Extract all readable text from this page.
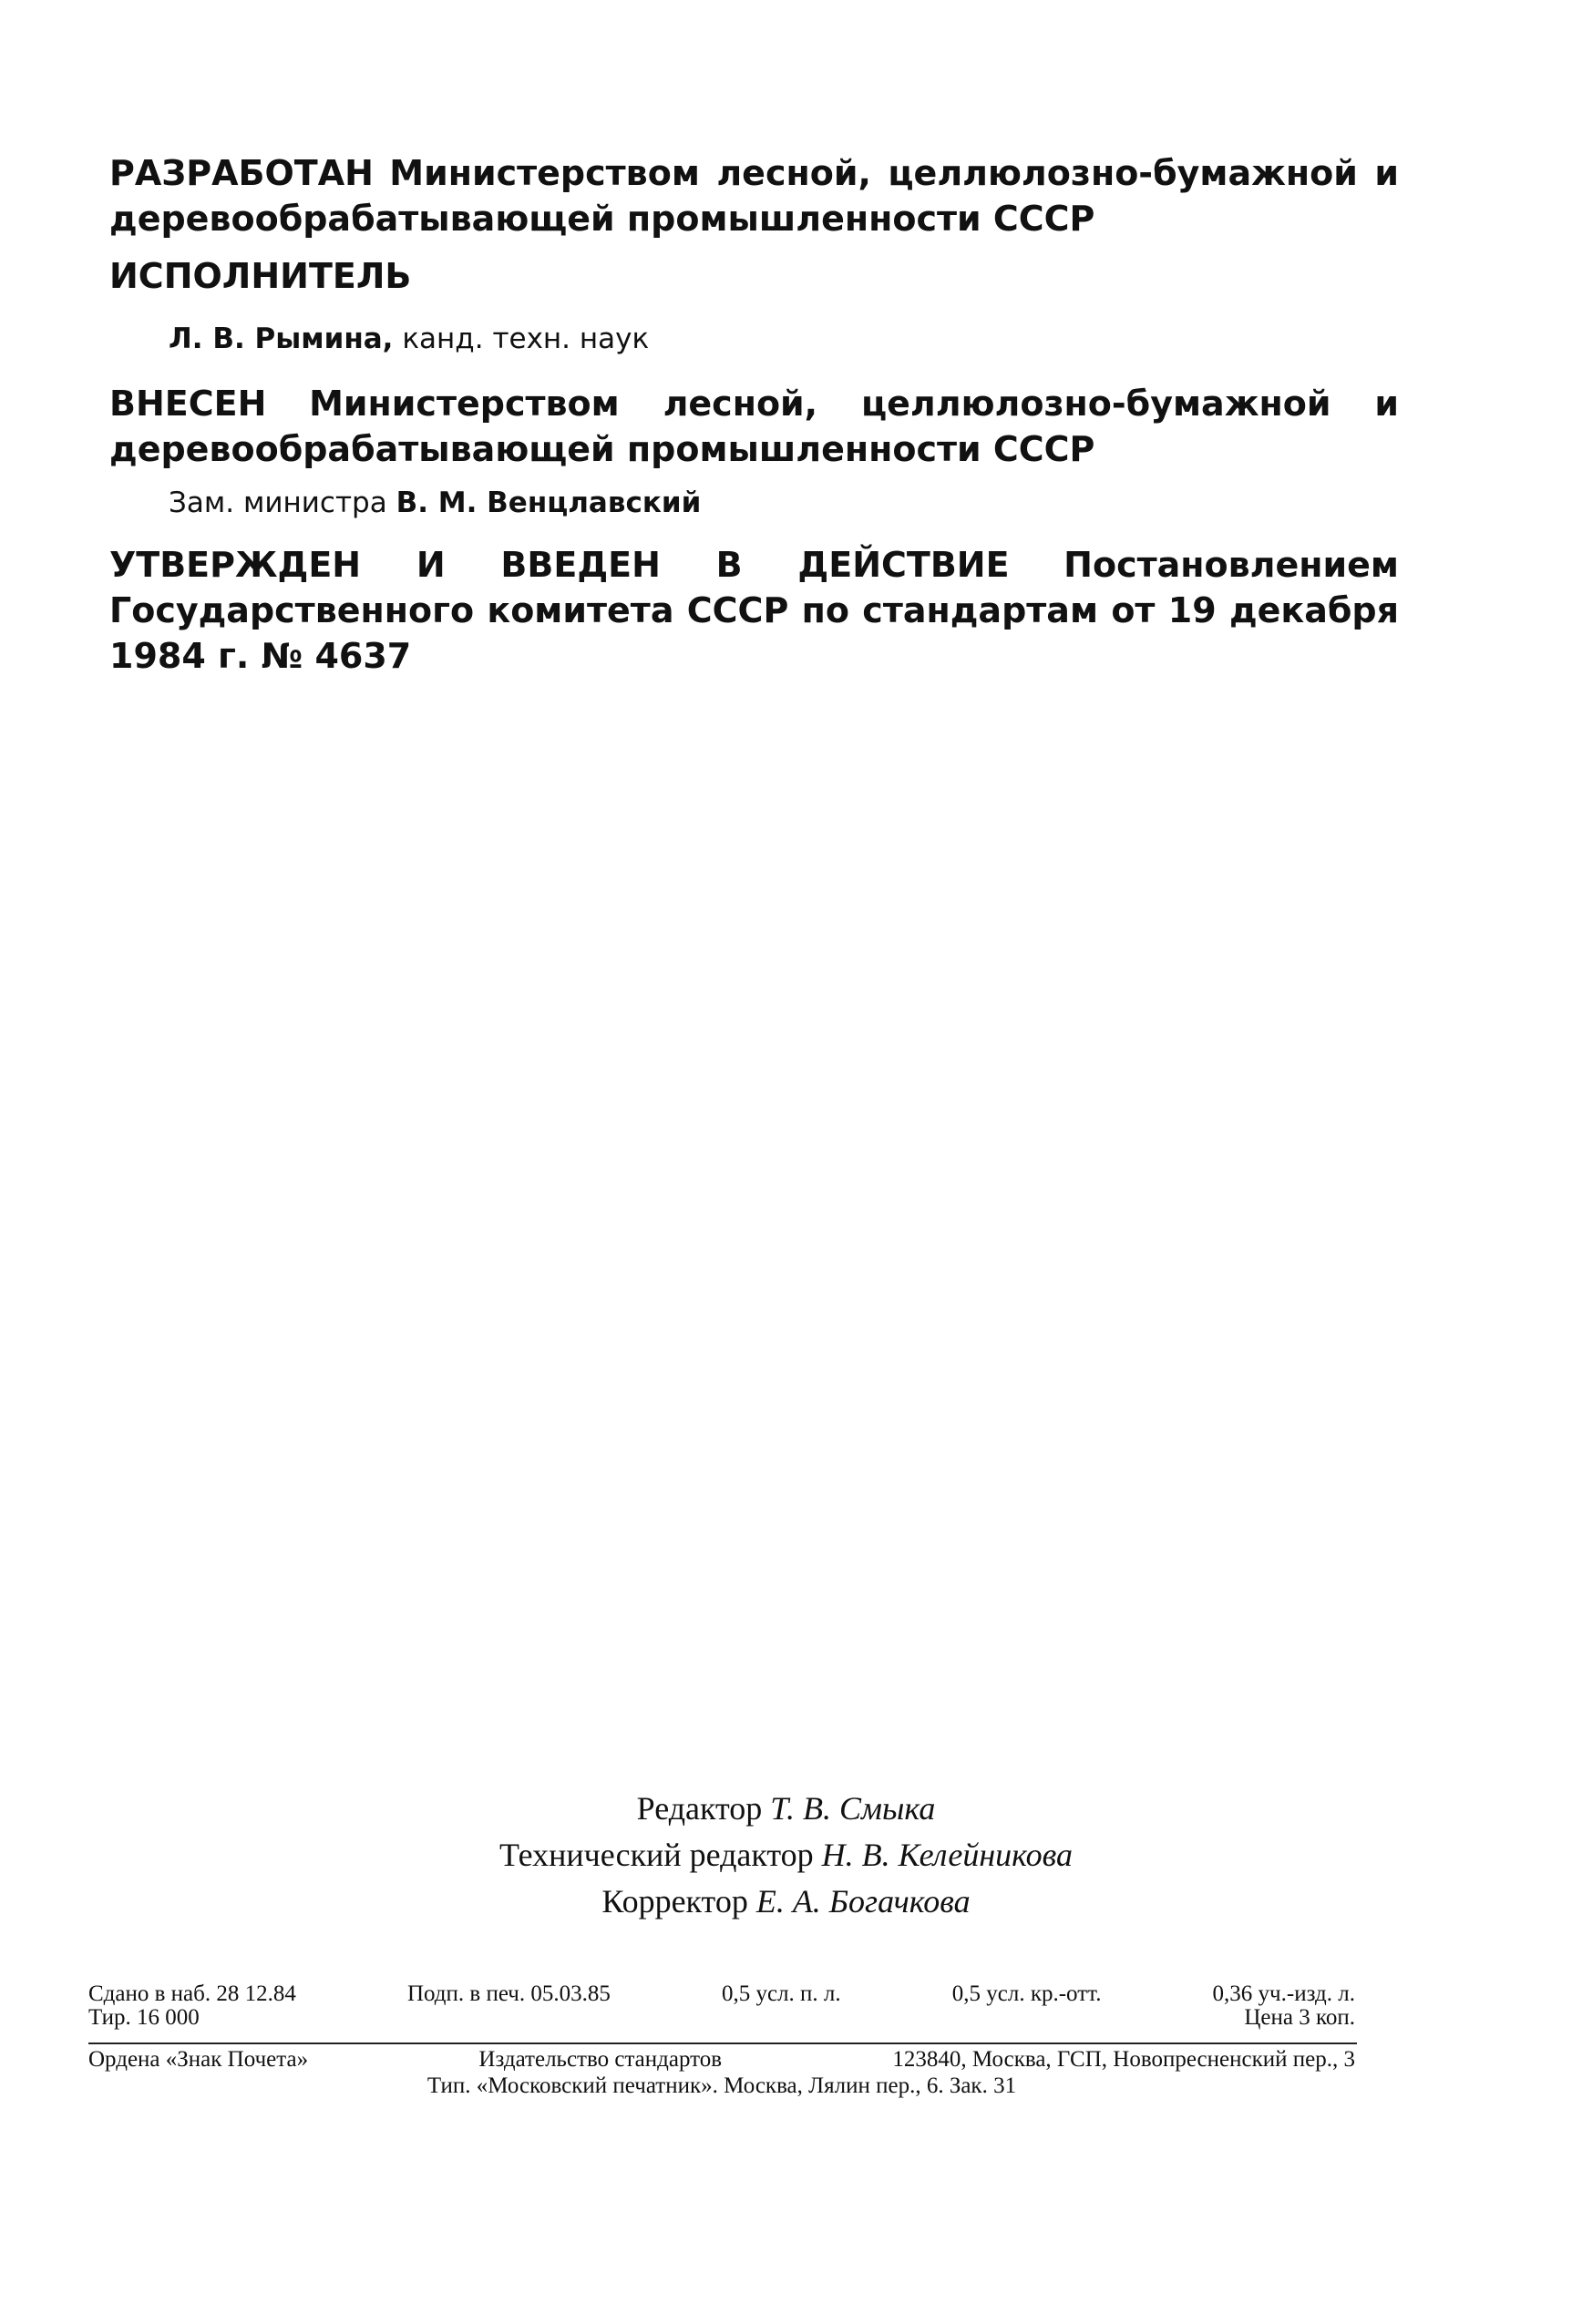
РАЗРАБОТАН Министерством лесной, целлюлозно-бумажной и деревообрабатывающей промышленности СССР
ИСПОЛНИТЕЛЬ
Л. В. Рымина, канд. техн. наук
ВНЕСЕН Министерством лесной, целлюлозно-бумажной и деревообрабатывающей промышленности СССР
Зам. министра В. М. Венцлавский
УТВЕРЖДЕН И ВВЕДЕН В ДЕЙСТВИЕ Постановлением Государственного комитета СССР по стандартам от 19 декабря 1984 г. № 4637
Редактор Т. В. Смыка
Технический редактор Н. В. Келейникова
Корректор Е. А. Богачкова
Сдано в наб. 28 12.84	Подп. в печ. 05.03.85	0,5 усл. п. л.	0,5 усл. кр.-отт.	0,36 уч.-изд. л.
Тир. 16 000	Цена 3 коп.
Ордена «Знак Почета»	Издательство стандартов	123840, Москва, ГСП, Новопресненский пер., 3
Тип. «Московский печатник». Москва, Лялин пер., 6. Зак. 31
